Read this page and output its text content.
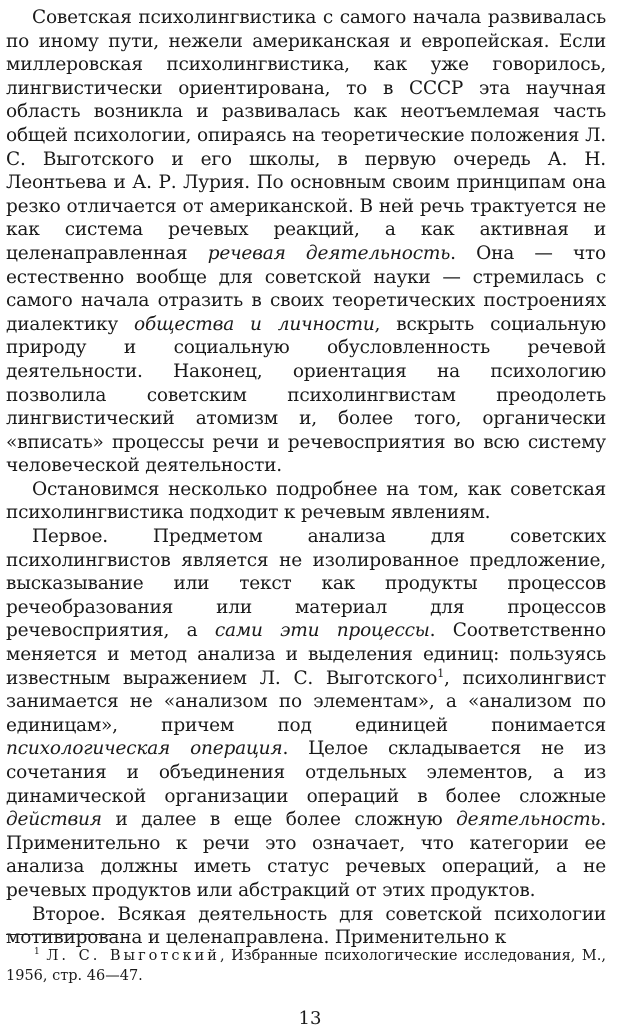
Советская психолингвистика с самого начала развивалась по иному пути, нежели американская и европейская. Если миллеровская психолингвистика, как уже говорилось, лингвистически ориентирована, то в СССР эта научная область возникла и развивалась как неотъемлемая часть общей психологии, опираясь на теоретические положения Л. С. Выготского и его школы, в первую очередь А. Н. Леонтьева и А. Р. Лурия. По основным своим принципам она резко отличается от американской. В ней речь трактуется не как система речевых реакций, а как активная и целенаправленная речевая деятельность. Она — что естественно вообще для советской науки — стремилась с самого начала отразить в своих теоретических построениях диалектику общества и личности, вскрыть социальную природу и социальную обусловленность речевой деятельности. Наконец, ориентация на психологию позволила советским психолингвистам преодолеть лингвистический атомизм и, более того, органически «вписать» процессы речи и речевосприятия во всю систему человеческой деятельности.

Остановимся несколько подробнее на том, как советская психолингвистика подходит к речевым явлениям.

Первое. Предметом анализа для советских психолингвистов является не изолированное предложение, высказывание или текст как продукты процессов речеобразования или материал для процессов речевосприятия, а сами эти процессы. Соответственно меняется и метод анализа и выделения единиц: пользуясь известным выражением Л. С. Выготского$^1$, психолингвист занимается не «анализом по элементам», а «анализом по единицам», причем под единицей понимается психологическая операция. Целое складывается не из сочетания и объединения отдельных элементов, а из динамической организации операций в более сложные действия и далее в еще более сложную деятельность. Применительно к речи это означает, что категории ее анализа должны иметь статус речевых операций, а не речевых продуктов или абстракций от этих продуктов.

Второе. Всякая деятельность для советской психологии мотивирована и целенаправлена. Применительно к

$^1$ Л. С. Выготский, Избранные психологические исследования, М., 1956, стр. 46—47.

13
